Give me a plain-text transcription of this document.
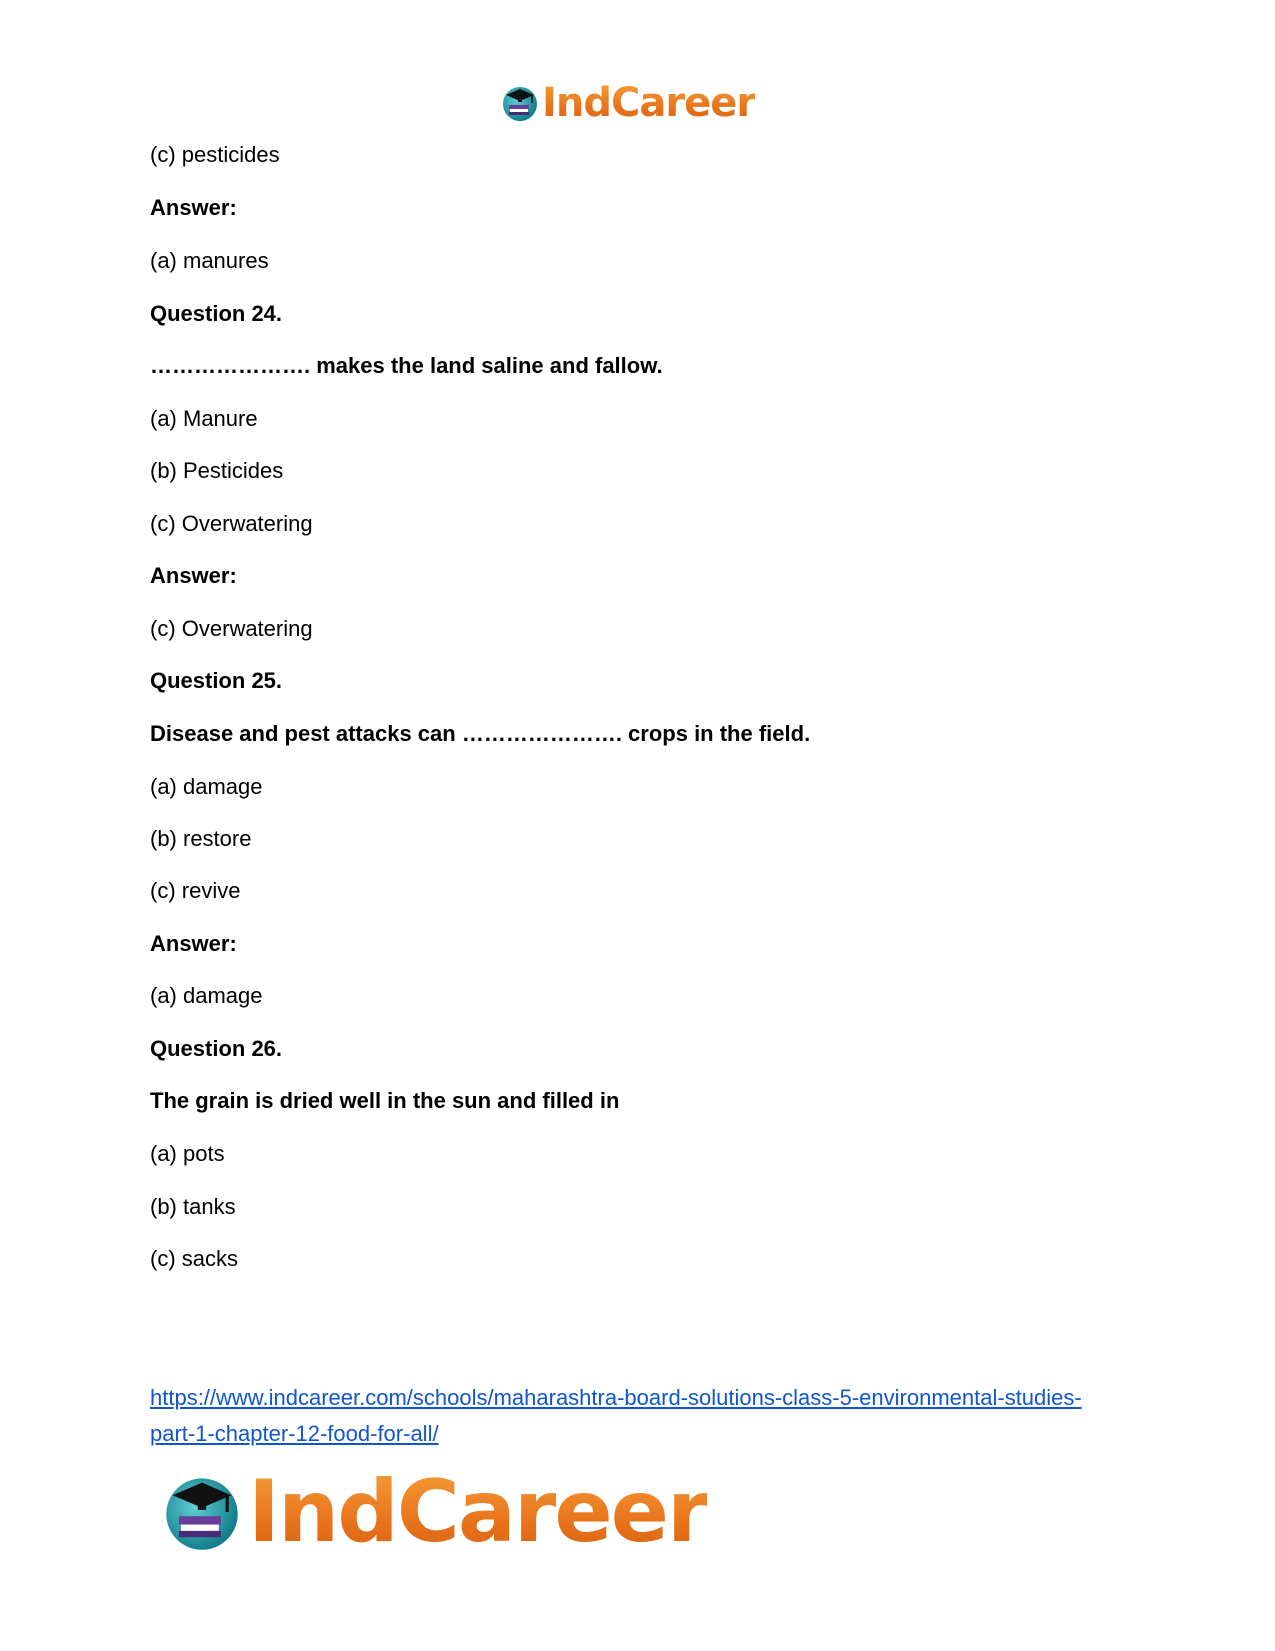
IndCareer
(c) pesticides
Answer:
(a) manures
Question 24.
…………………. makes the land saline and fallow.
(a) Manure
(b) Pesticides
(c) Overwatering
Answer:
(c) Overwatering
Question 25.
Disease and pest attacks can …………………. crops in the field.
(a) damage
(b) restore
(c) revive
Answer:
(a) damage
Question 26.
The grain is dried well in the sun and filled in
(a) pots
(b) tanks
(c) sacks
https://www.indcareer.com/schools/maharashtra-board-solutions-class-5-environmental-studies-
part-1-chapter-12-food-for-all/
IndCareer
